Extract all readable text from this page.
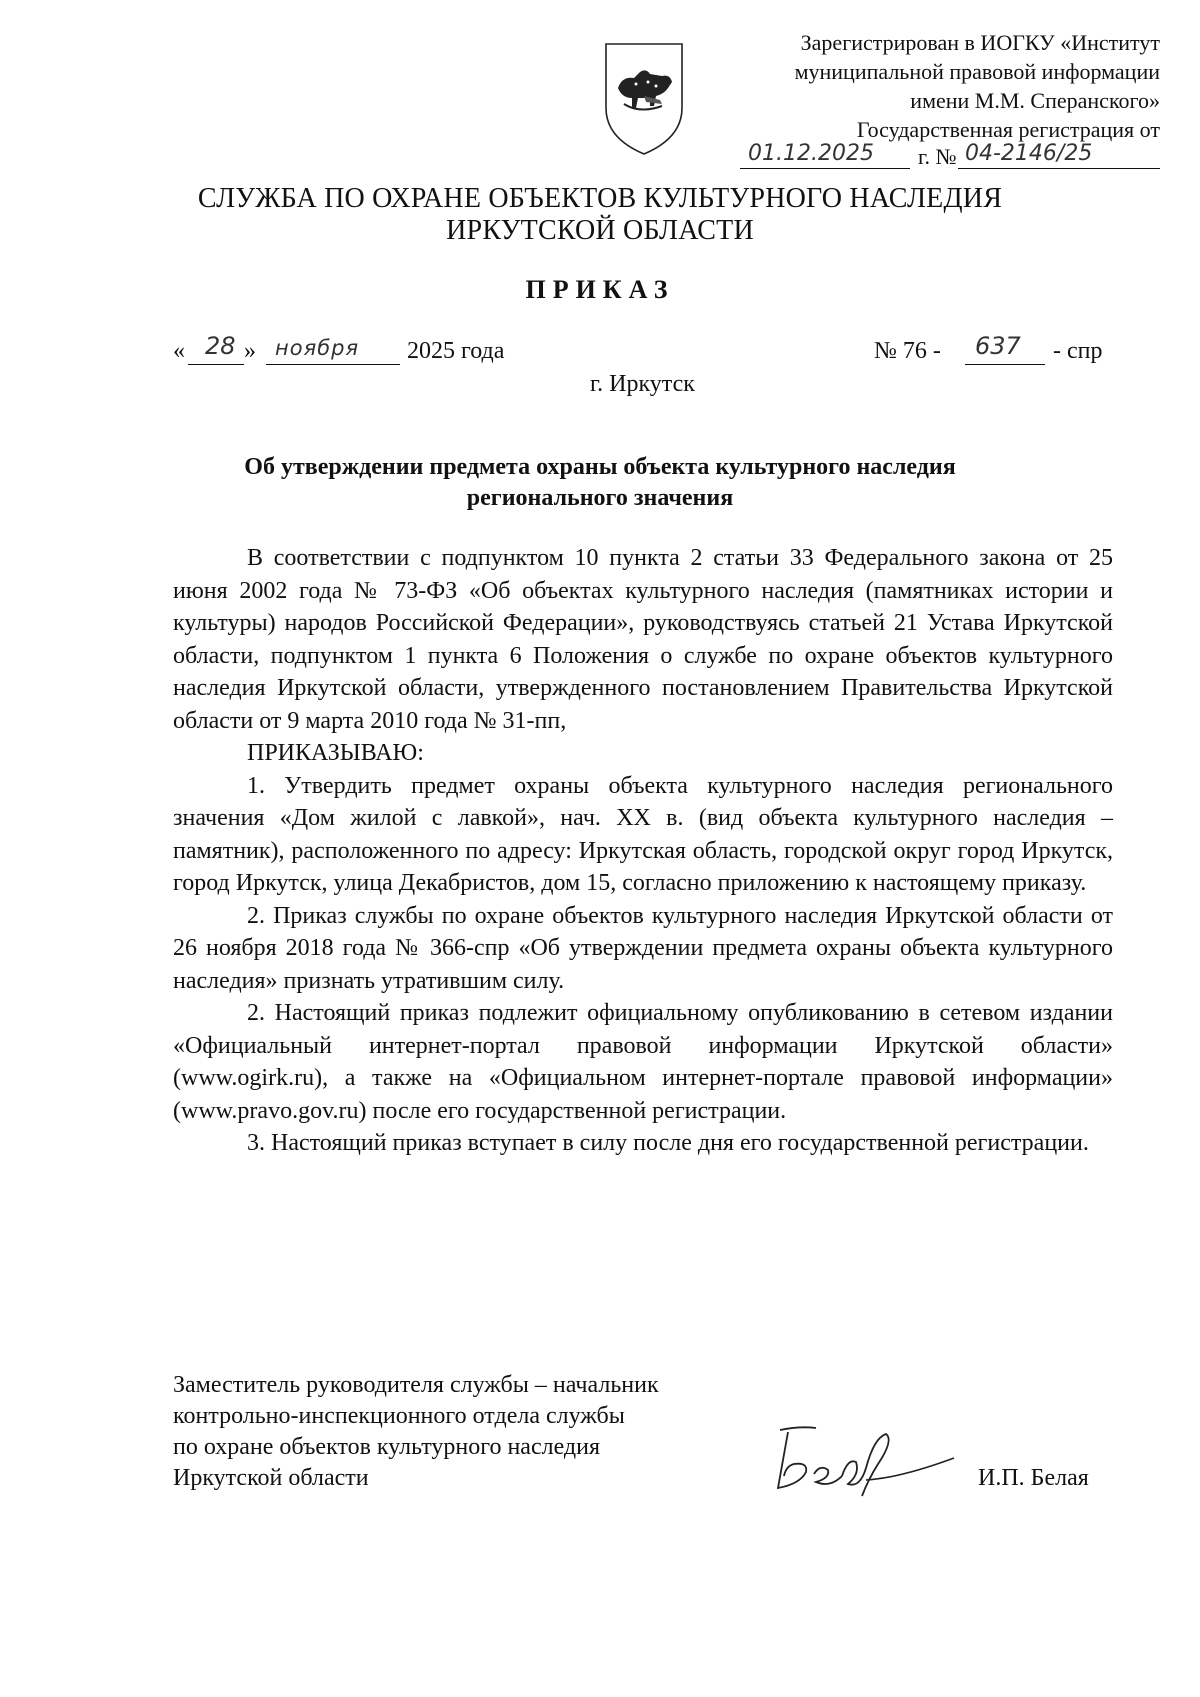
Зарегистрирован в ИОГКУ «Институт
муниципальной правовой информации
имени М.М. Сперанского»
Государственная регистрация от
01.12.2025 г. № 04-2146/25
СЛУЖБА ПО ОХРАНЕ ОБЪЕКТОВ КУЛЬТУРНОГО НАСЛЕДИЯ
ИРКУТСКОЙ ОБЛАСТИ
ПРИКАЗ
« 28 » ноября 2025 года	№ 76 - 637 - спр
г. Иркутск
Об утверждении предмета охраны объекта культурного наследия
регионального значения

В соответствии с подпунктом 10 пункта 2 статьи 33 Федерального закона от 25 июня 2002 года № 73-ФЗ «Об объектах культурного наследия (памятниках истории и культуры) народов Российской Федерации», руководствуясь статьей 21 Устава Иркутской области, подпунктом 1 пункта 6 Положения о службе по охране объектов культурного наследия Иркутской области, утвержденного постановлением Правительства Иркутской области от 9 марта 2010 года № 31-пп,

ПРИКАЗЫВАЮ:

1. Утвердить предмет охраны объекта культурного наследия регионального значения «Дом жилой с лавкой», нач. XX в. (вид объекта культурного наследия – памятник), расположенного по адресу: Иркутская область, городской округ город Иркутск, город Иркутск, улица Декабристов, дом 15, согласно приложению к настоящему приказу.

2. Приказ службы по охране объектов культурного наследия Иркутской области от 26 ноября 2018 года № 366-спр «Об утверждении предмета охраны объекта культурного наследия» признать утратившим силу.

2. Настоящий приказ подлежит официальному опубликованию в сетевом издании «Официальный интернет-портал правовой информации Иркутской области» (www.ogirk.ru), а также на «Официальном интернет-портале правовой информации» (www.pravo.gov.ru) после его государственной регистрации.

3. Настоящий приказ вступает в силу после дня его государственной регистрации.

Заместитель руководителя службы – начальник
контрольно-инспекционного отдела службы
по охране объектов культурного наследия
Иркутской области	И.П. Белая
